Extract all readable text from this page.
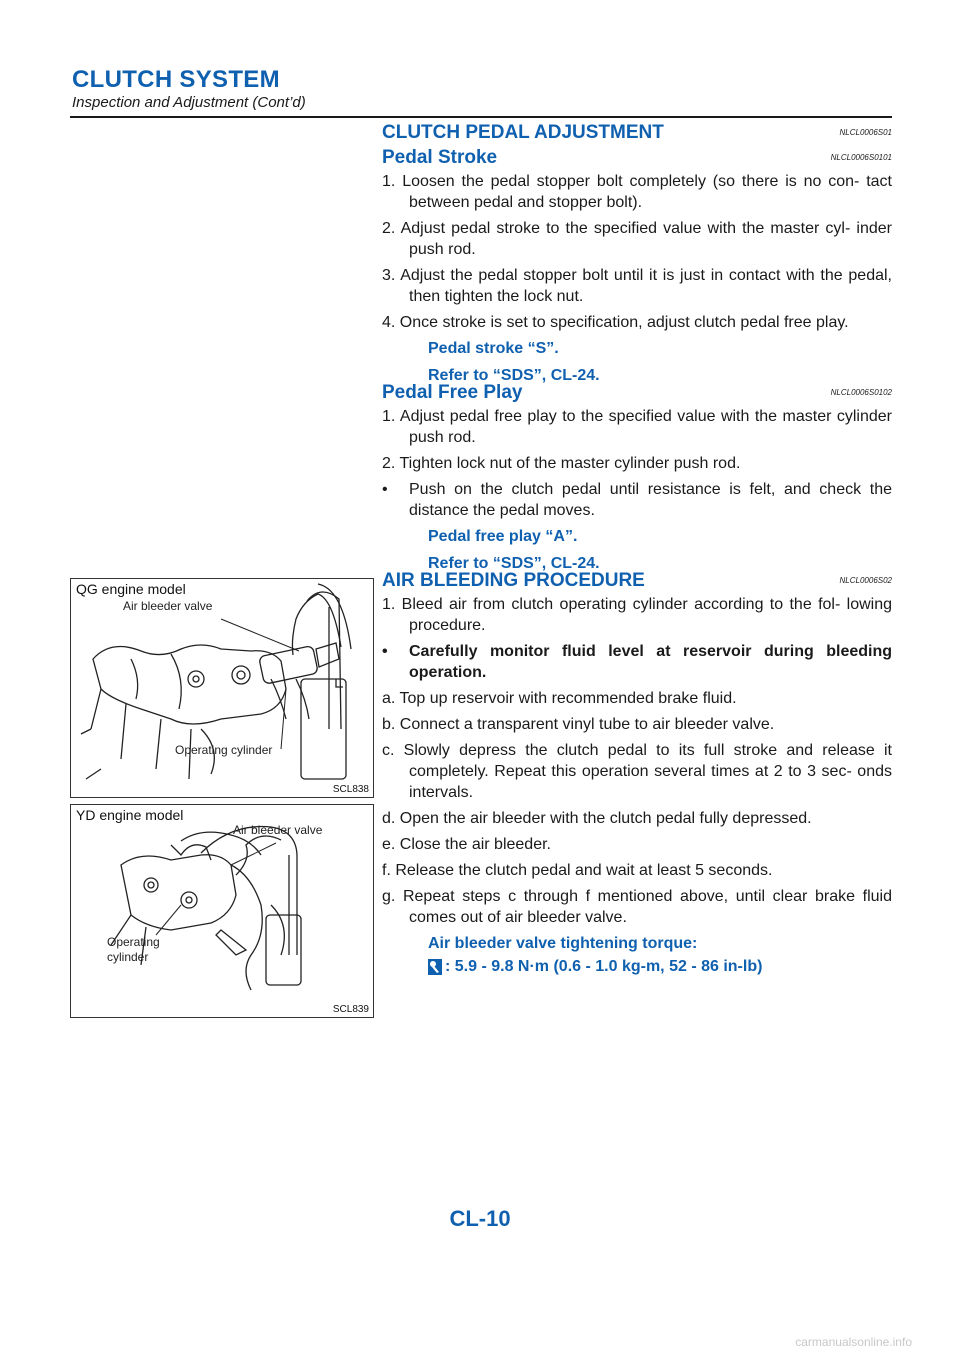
CLUTCH SYSTEM
Inspection and Adjustment (Cont’d)
CLUTCH PEDAL ADJUSTMENT	NLCL0006S01
Pedal Stroke	NLCL0006S0101
1. Loosen the pedal stopper bolt completely (so there is no con- tact between pedal and stopper bolt).
2. Adjust pedal stroke to the specified value with the master cyl- inder push rod.
3. Adjust the pedal stopper bolt until it is just in contact with the pedal, then tighten the lock nut.
4. Once stroke is set to specification, adjust clutch pedal free play.
Pedal stroke “S”.
Refer to “SDS”, CL-24.
Pedal Free Play	NLCL0006S0102
1. Adjust pedal free play to the specified value with the master cylinder push rod.
2. Tighten lock nut of the master cylinder push rod.
• Push on the clutch pedal until resistance is felt, and check the distance the pedal moves.
Pedal free play “A”.
Refer to “SDS”, CL-24.
AIR BLEEDING PROCEDURE	NLCL0006S02
1. Bleed air from clutch operating cylinder according to the fol- lowing procedure.
• Carefully monitor fluid level at reservoir during bleeding operation.
a. Top up reservoir with recommended brake fluid.
b. Connect a transparent vinyl tube to air bleeder valve.
c. Slowly depress the clutch pedal to its full stroke and release it completely. Repeat this operation several times at 2 to 3 sec- onds intervals.
d. Open the air bleeder with the clutch pedal fully depressed.
e. Close the air bleeder.
f. Release the clutch pedal and wait at least 5 seconds.
g. Repeat steps c through f mentioned above, until clear brake fluid comes out of air bleeder valve.
Air bleeder valve tightening torque:
: 5.9 - 9.8 N·m (0.6 - 1.0 kg-m, 52 - 86 in-lb)
QG engine model
Air bleeder valve
Operating cylinder
SCL838
YD engine model
Air bleeder valve
Operating cylinder
SCL839
CL-10
carmanualsonline.info
